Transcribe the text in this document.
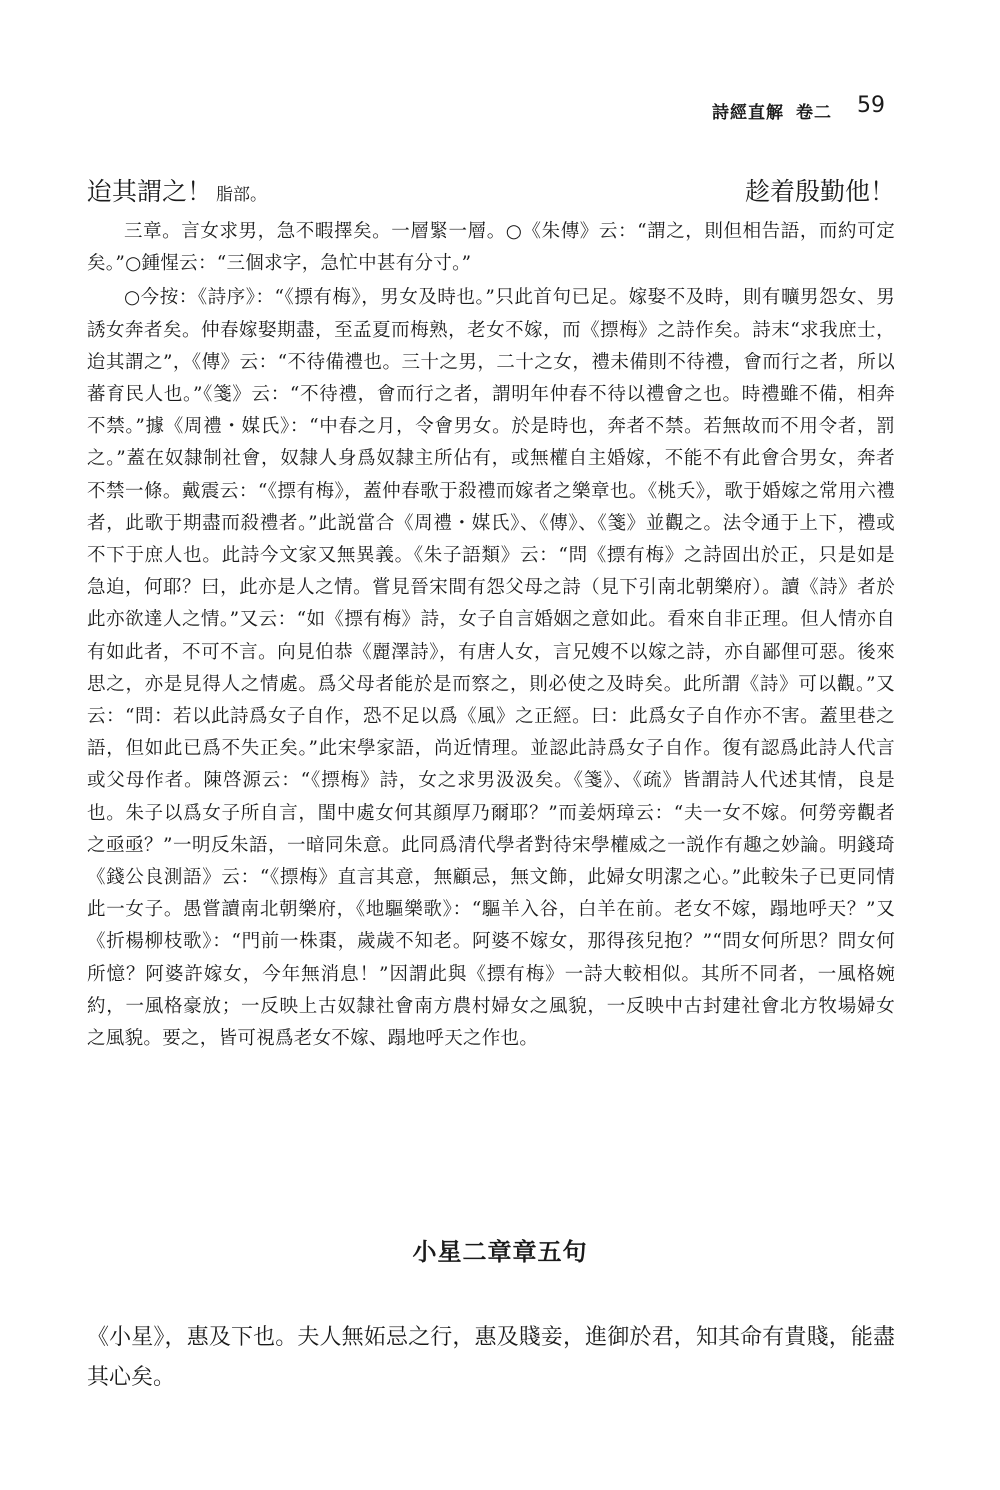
詩經直解 卷二	59
迨其謂之！ 脂部。	趁着殷勤他！

三章。言女求男，急不暇擇矣。一層緊一層。○《朱傳》云：“謂之，則但相告語，而約可定矣。”○鍾惺云：“三個求字，急忙中甚有分寸。”

○今按：《詩序》：“《摽有梅》，男女及時也。”只此首句已足。嫁娶不及時，則有曠男怨女、男誘女奔者矣。仲春嫁娶期盡，至孟夏而梅熟，老女不嫁，而《摽梅》之詩作矣。詩末“求我庶士，迨其謂之”，《傳》云：“不待備禮也。三十之男，二十之女，禮未備則不待禮，會而行之者，所以蕃育民人也。”《箋》云：“不待禮，會而行之者，謂明年仲春不待以禮會之也。時禮雖不備，相奔不禁。”據《周禮・媒氏》：“中春之月，令會男女。於是時也，奔者不禁。若無故而不用令者，罰之。”蓋在奴隸制社會，奴隸人身爲奴隸主所佔有，或無權自主婚嫁，不能不有此會合男女，奔者不禁一條。戴震云：“《摽有梅》，蓋仲春歌于殺禮而嫁者之樂章也。《桃夭》，歌于婚嫁之常用六禮者，此歌于期盡而殺禮者。”此説當合《周禮・媒氏》、《傳》、《箋》並觀之。法令通于上下，禮或不下于庶人也。此詩今文家又無異義。《朱子語類》云：“問《摽有梅》之詩固出於正，只是如是急迫，何耶？曰，此亦是人之情。嘗見晉宋間有怨父母之詩（見下引南北朝樂府）。讀《詩》者於此亦欲達人之情。”又云：“如《摽有梅》詩，女子自言婚姻之意如此。看來自非正理。但人情亦自有如此者，不可不言。向見伯恭《麗澤詩》，有唐人女，言兄嫂不以嫁之詩，亦自鄙俚可惡。後來思之，亦是見得人之情處。爲父母者能於是而察之，則必使之及時矣。此所謂《詩》可以觀。”又云：“問：若以此詩爲女子自作，恐不足以爲《風》之正經。曰：此爲女子自作亦不害。蓋里巷之語，但如此已爲不失正矣。”此宋學家語，尚近情理。並認此詩爲女子自作。復有認爲此詩人代言或父母作者。陳啓源云：“《摽梅》詩，女之求男汲汲矣。《箋》、《疏》皆謂詩人代述其情，良是也。朱子以爲女子所自言，閨中處女何其顔厚乃爾耶？”而姜炳璋云：“夫一女不嫁。何勞旁觀者之亟亟？”一明反朱語，一暗同朱意。此同爲清代學者對待宋學權威之一説作有趣之妙論。明錢琦《錢公良測語》云：“《摽梅》直言其意，無顧忌，無文飾，此婦女明潔之心。”此較朱子已更同情此一女子。愚嘗讀南北朝樂府，《地驅樂歌》：“驅羊入谷，白羊在前。老女不嫁，蹋地呼天？”又《折楊柳枝歌》：“門前一株棗，歲歲不知老。阿婆不嫁女，那得孩兒抱？”“問女何所思？問女何所憶？阿婆許嫁女，今年無消息！”因謂此與《摽有梅》一詩大較相似。其所不同者，一風格婉約，一風格豪放；一反映上古奴隸社會南方農村婦女之風貌，一反映中古封建社會北方牧場婦女之風貌。要之，皆可視爲老女不嫁、蹋地呼天之作也。

小星二章章五句

《小星》，惠及下也。夫人無妬忌之行，惠及賤妾，進御於君，知其命有貴賤，能盡其心矣。
